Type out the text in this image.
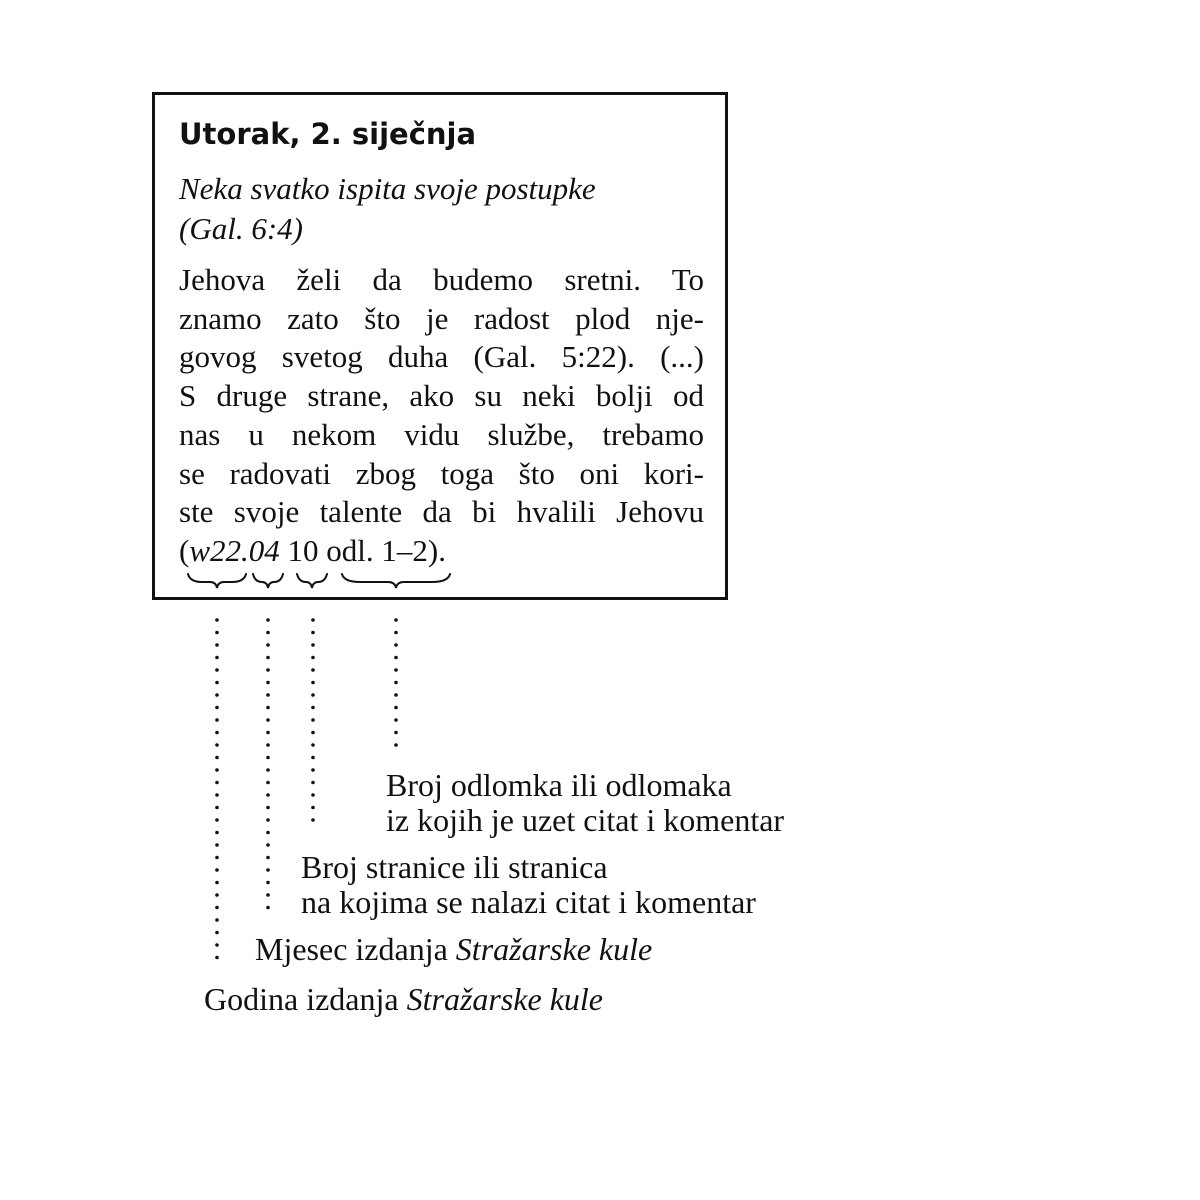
Utorak, 2. siječnja
Neka svatko ispita svoje postupke
(Gal. 6:4)
Jehova želi da budemo sretni. To
znamo zato što je radost plod nje-
govog svetog duha (Gal. 5:22). (...)
S druge strane, ako su neki bolji od
nas u nekom vidu službe, trebamo
se radovati zbog toga što oni kori-
ste svoje talente da bi hvalili Jehovu
(w22.04 10 odl. 1–2).
Broj odlomka ili odlomaka
iz kojih je uzet citat i komentar
Broj stranice ili stranica
na kojima se nalazi citat i komentar
Mjesec izdanja Stražarske kule
Godina izdanja Stražarske kule
